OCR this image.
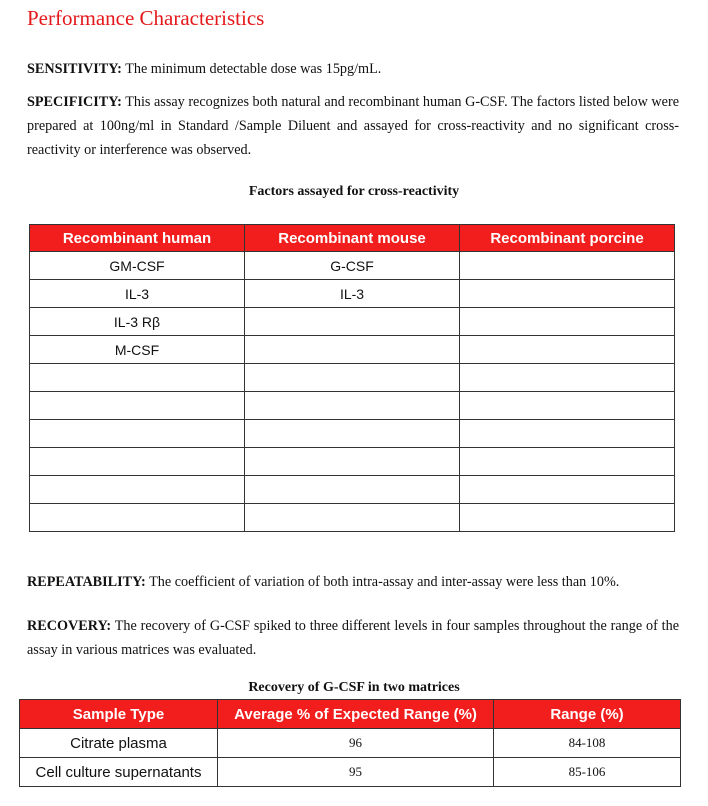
Performance Characteristics

SENSITIVITY: The minimum detectable dose was 15pg/mL.

SPECIFICITY: This assay recognizes both natural and recombinant human G-CSF. The factors listed below were prepared at 100ng/ml in Standard /Sample Diluent and assayed for cross-reactivity and no significant cross-reactivity or interference was observed.

Factors assayed for cross-reactivity

Recombinant human	Recombinant mouse	Recombinant porcine
GM-CSF	G-CSF	
IL-3	IL-3	
IL-3 Rβ		
M-CSF		

REPEATABILITY: The coefficient of variation of both intra-assay and inter-assay were less than 10%.

RECOVERY: The recovery of G-CSF spiked to three different levels in four samples throughout the range of the assay in various matrices was evaluated.

Recovery of G-CSF in two matrices

Sample Type	Average % of Expected Range (%)	Range (%)
Citrate plasma	96	84-108
Cell culture supernatants	95	85-106
